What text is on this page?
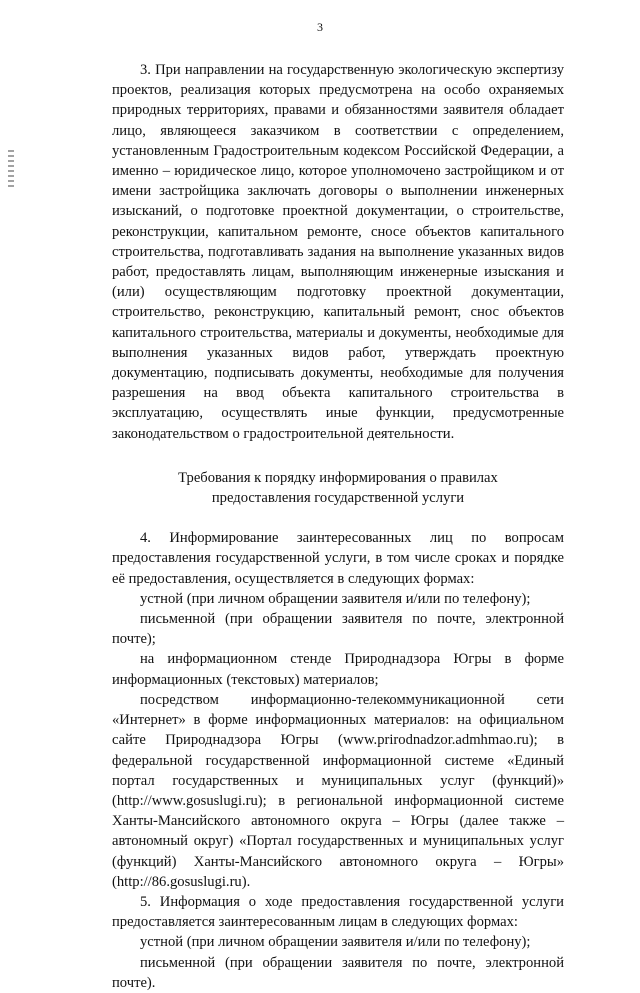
3

3. При направлении на государственную экологическую экспертизу проектов, реализация которых предусмотрена на особо охраняемых природных территориях, правами и обязанностями заявителя обладает лицо, являющееся заказчиком в соответствии с определением, установленным Градостроительным кодексом Российской Федерации, а именно – юридическое лицо, которое уполномочено застройщиком и от имени застройщика заключать договоры о выполнении инженерных изысканий, о подготовке проектной документации, о строительстве, реконструкции, капитальном ремонте, сносе объектов капитального строительства, подготавливать задания на выполнение указанных видов работ, предоставлять лицам, выполняющим инженерные изыскания и (или) осуществляющим подготовку проектной документации, строительство, реконструкцию, капитальный ремонт, снос объектов капитального строительства, материалы и документы, необходимые для выполнения указанных видов работ, утверждать проектную документацию, подписывать документы, необходимые для получения разрешения на ввод объекта капитального строительства в эксплуатацию, осуществлять иные функции, предусмотренные законодательством о градостроительной деятельности.

Требования к порядку информирования о правилах
предоставления государственной услуги

4. Информирование заинтересованных лиц по вопросам предоставления государственной услуги, в том числе сроках и порядке её предоставления, осуществляется в следующих формах:

устной (при личном обращении заявителя и/или по телефону);

письменной (при обращении заявителя по почте, электронной почте);

на информационном стенде Природнадзора Югры в форме информационных (текстовых) материалов;

посредством информационно-телекоммуникационной сети «Интернет» в форме информационных материалов: на официальном сайте Природнадзора Югры (www.prirodnadzor.admhmao.ru); в федеральной государственной информационной системе «Единый портал государственных и муниципальных услуг (функций)» (http://www.gosuslugi.ru); в региональной информационной системе Ханты-Мансийского автономного округа – Югры (далее также – автономный округ) «Портал государственных и муниципальных услуг (функций) Ханты-Мансийского автономного округа – Югры» (http://86.gosuslugi.ru).

5. Информация о ходе предоставления государственной услуги предоставляется заинтересованным лицам в следующих формах:

устной (при личном обращении заявителя и/или по телефону);

письменной (при обращении заявителя по почте, электронной почте).
